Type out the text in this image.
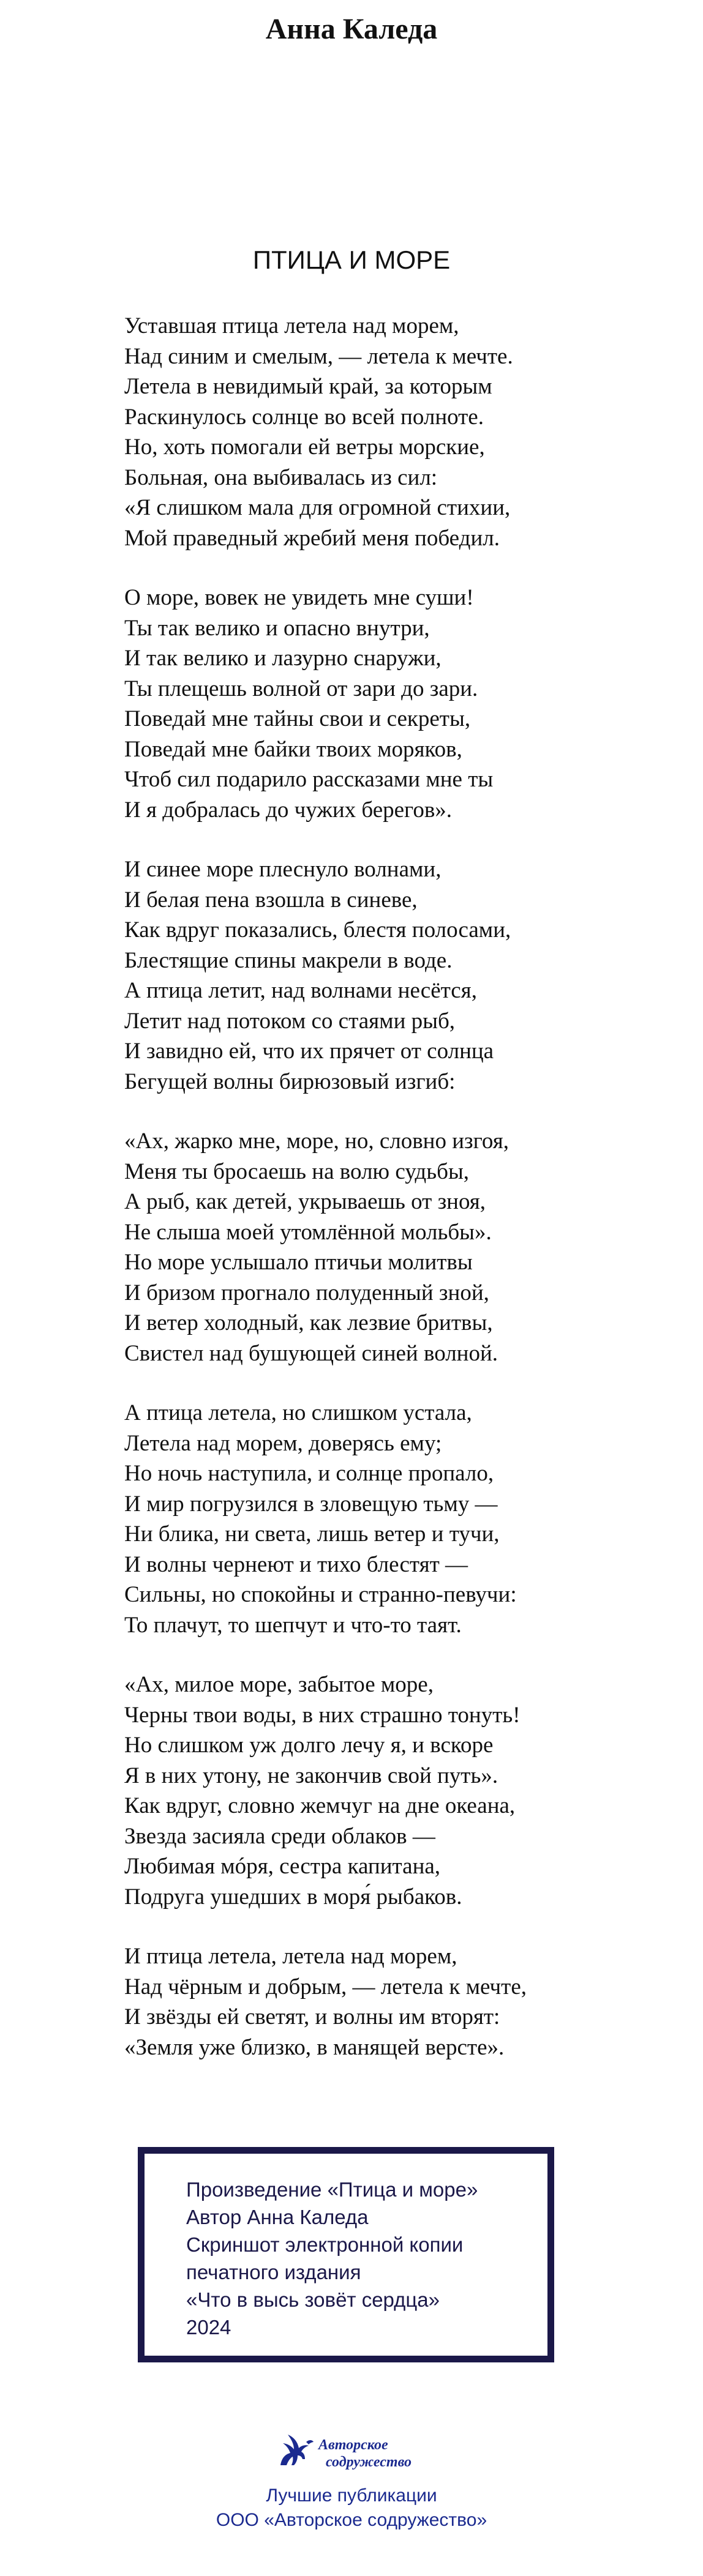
Анна Каледа
ПТИЦА И МОРЕ
Уставшая птица летела над морем,
Над синим и смелым, — летела к мечте.
Летела в невидимый край, за которым
Раскинулось солнце во всей полноте.
Но, хоть помогали ей ветры морские,
Больная, она выбивалась из сил:
«Я слишком мала для огромной стихии,
Мой праведный жребий меня победил.
О море, вовек не увидеть мне суши!
Ты так велико и опасно внутри,
И так велико и лазурно снаружи,
Ты плещешь волной от зари до зари.
Поведай мне тайны свои и секреты,
Поведай мне байки твоих моряков,
Чтоб сил подарило рассказами мне ты
И я добралась до чужих берегов».
И синее море плеснуло волнами,
И белая пена взошла в синеве,
Как вдруг показались, блестя полосами,
Блестящие спины макрели в воде.
А птица летит, над волнами несётся,
Летит над потоком со стаями рыб,
И завидно ей, что их прячет от солнца
Бегущей волны бирюзовый изгиб:
«Ах, жарко мне, море, но, словно изгоя,
Меня ты бросаешь на волю судьбы,
А рыб, как детей, укрываешь от зноя,
Не слыша моей утомлённой мольбы».
Но море услышало птичьи молитвы
И бризом прогнало полуденный зной,
И ветер холодный, как лезвие бритвы,
Свистел над бушующей синей волной.
А птица летела, но слишком устала,
Летела над морем, доверясь ему;
Но ночь наступила, и солнце пропало,
И мир погрузился в зловещую тьму —
Ни блика, ни света, лишь ветер и тучи,
И волны чернеют и тихо блестят —
Сильны, но спокойны и странно-певучи:
То плачут, то шепчут и что-то таят.
«Ах, милое море, забытое море,
Черны твои воды, в них страшно тонуть!
Но слишком уж долго лечу я, и вскоре
Я в них утону, не закончив свой путь».
Как вдруг, словно жемчуг на дне океана,
Звезда засияла среди облаков —
Любимая мóря, сестра капитана,
Подруга ушедших в моря́ рыбаков.
И птица летела, летела над морем,
Над чёрным и добрым, — летела к мечте,
И звёзды ей светят, и волны им вторят:
«Земля уже близко, в манящей версте».
Произведение «Птица и море»
Автор Анна Каледа
Скриншот электронной копии
печатного издания
«Что в высь зовёт сердца»
2024
Авторское
содружество
Лучшие публикации
ООО «Авторское содружество»
